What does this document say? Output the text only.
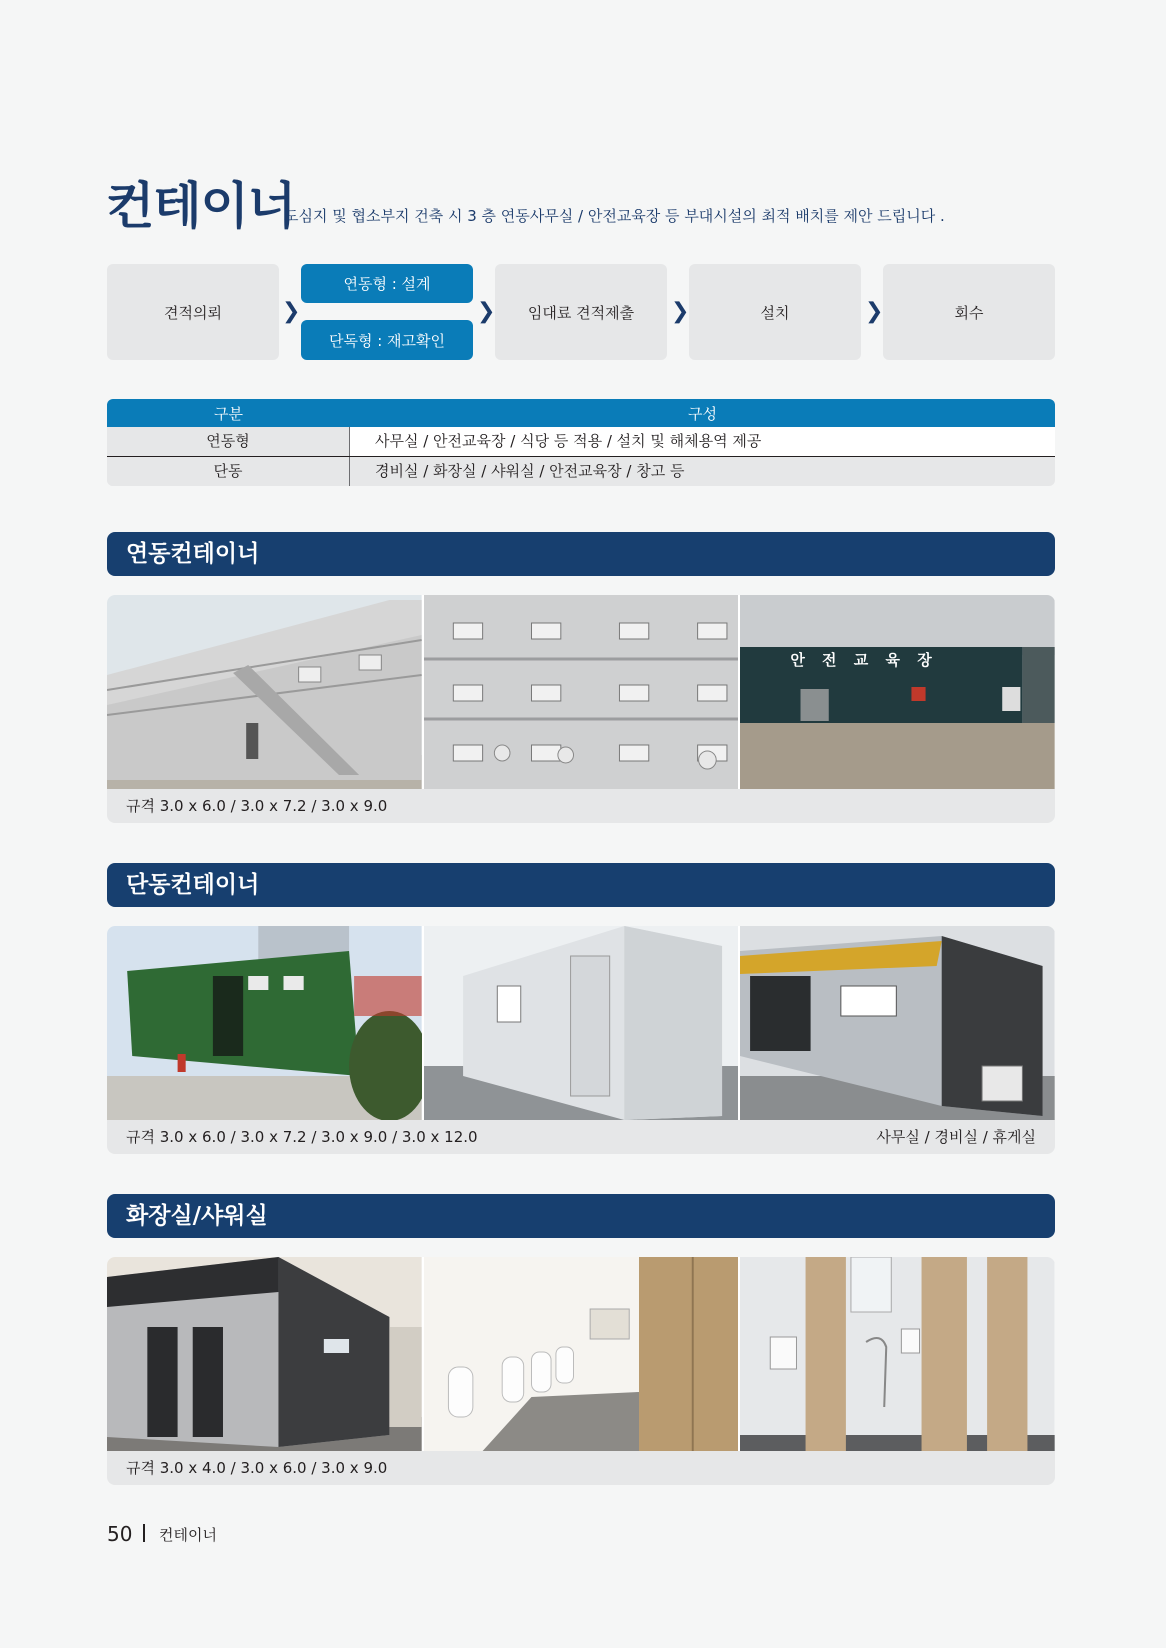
컨테이너
도심지 및 협소부지 건축 시 3 층 연동사무실 / 안전교육장 등 부대시설의 최적 배치를 제안 드립니다 .
견적의뢰	❯
연동형 : 설계
단독형 : 재고확인
❯	임대료 견적제출	❯	설치	❯	회수
구분	구성
연동형	사무실 / 안전교육장 / 식당 등 적용 / 설치 및 해체용역 제공
단동	경비실 / 화장실 / 샤워실 / 안전교육장 / 창고 등
연동컨테이너
안 전 교 육 장
규격 3.0 x 6.0 / 3.0 x 7.2 / 3.0 x 9.0
단동컨테이너
규격 3.0 x 6.0 / 3.0 x 7.2 / 3.0 x 9.0 / 3.0 x 12.0	사무실 / 경비실 / 휴게실
화장실/샤워실
규격 3.0 x 4.0 / 3.0 x 6.0 / 3.0 x 9.0
50 컨테이너
